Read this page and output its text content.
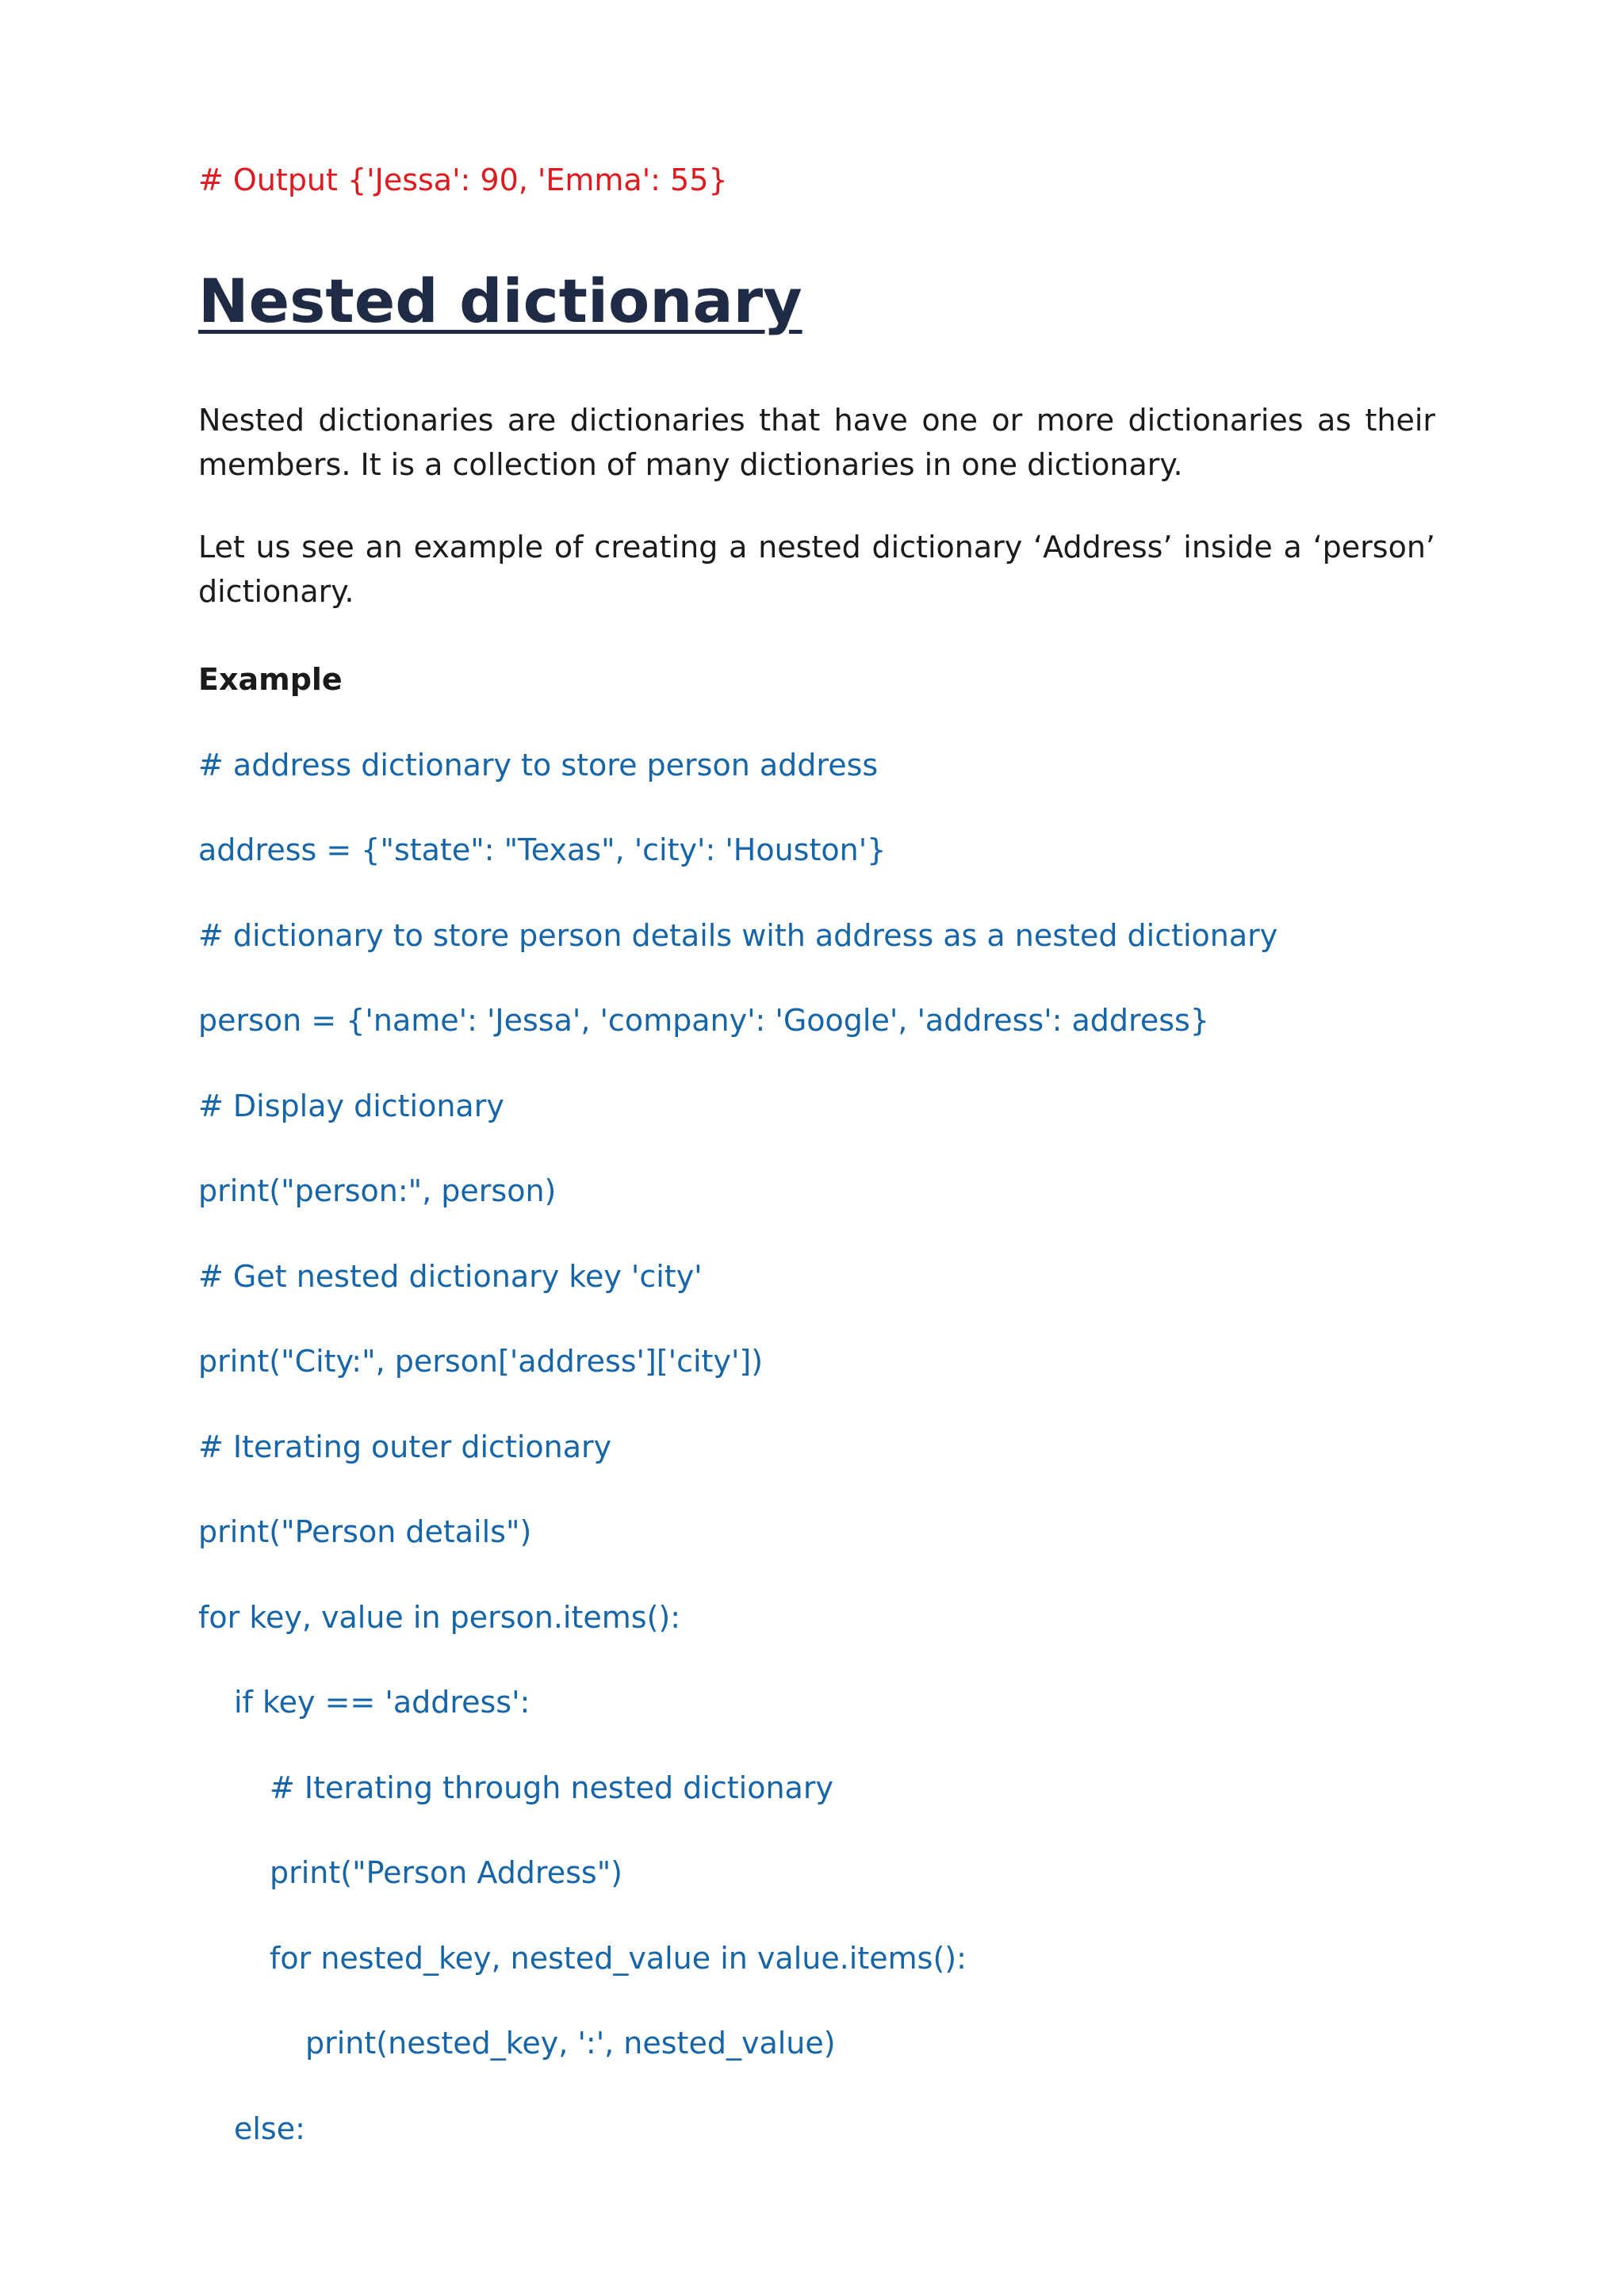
# Output {'Jessa': 90, 'Emma': 55}
Nested dictionary
Nested dictionaries are dictionaries that have one or more dictionaries as their members. It is a collection of many dictionaries in one dictionary.
Let us see an example of creating a nested dictionary ‘Address’ inside a ‘person’ dictionary.
Example
# address dictionary to store person address
address = {"state": "Texas", 'city': 'Houston'}
# dictionary to store person details with address as a nested dictionary
person = {'name': 'Jessa', 'company': 'Google', 'address': address}
# Display dictionary
print("person:", person)
# Get nested dictionary key 'city'
print("City:", person['address']['city'])
# Iterating outer dictionary
print("Person details")
for key, value in person.items():
if key == 'address':
# Iterating through nested dictionary
print("Person Address")
for nested_key, nested_value in value.items():
print(nested_key, ':', nested_value)
else:
